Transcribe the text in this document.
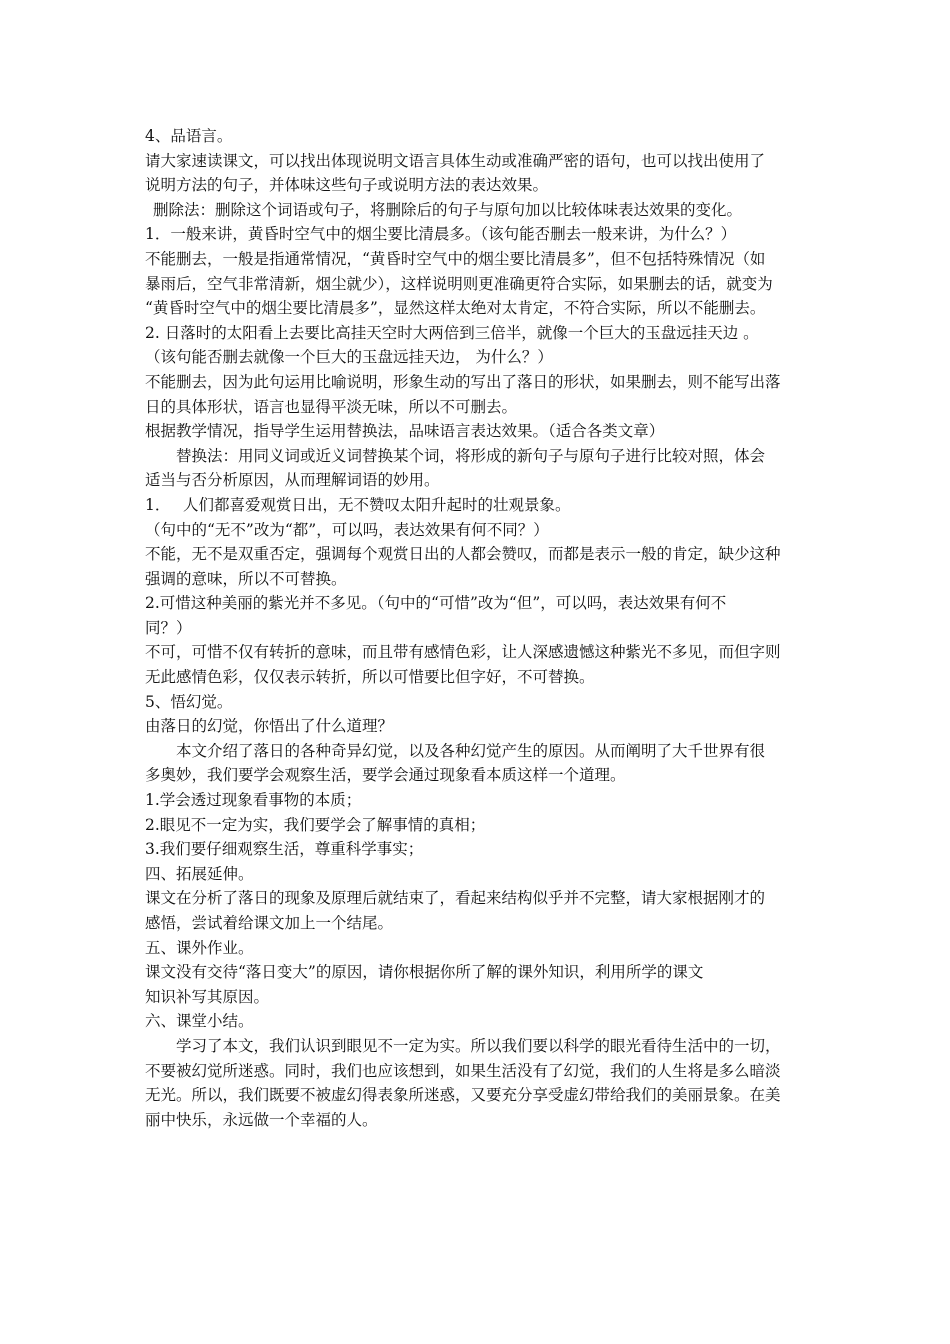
4、品语言。
请大家速读课文，可以找出体现说明文语言具体生动或准确严密的语句，也可以找出使用了
说明方法的句子，并体味这些句子或说明方法的表达效果。
删除法：删除这个词语或句子，将删除后的句子与原句加以比较体味表达效果的变化。
1．一般来讲，黄昏时空气中的烟尘要比清晨多。（该句能否删去一般来讲，为什么？）
不能删去，一般是指通常情况，“黄昏时空气中的烟尘要比清晨多”，但不包括特殊情况（如
暴雨后，空气非常清新，烟尘就少），这样说明则更准确更符合实际，如果删去的话，就变为
“黄昏时空气中的烟尘要比清晨多”，显然这样太绝对太肯定，不符合实际，所以不能删去。
2. 日落时的太阳看上去要比高挂天空时大两倍到三倍半，就像一个巨大的玉盘远挂天边 。
（该句能否删去就像一个巨大的玉盘远挂天边， 为什么？）
不能删去，因为此句运用比喻说明，形象生动的写出了落日的形状，如果删去，则不能写出落
日的具体形状，语言也显得平淡无味，所以不可删去。
根据教学情况，指导学生运用替换法，品味语言表达效果。（适合各类文章）
替换法：用同义词或近义词替换某个词，将形成的新句子与原句子进行比较对照，体会
适当与否分析原因，从而理解词语的妙用。
1．　 人们都喜爱观赏日出，无不赞叹太阳升起时的壮观景象。
（句中的“无不”改为“都”，可以吗，表达效果有何不同？）
不能，无不是双重否定，强调每个观赏日出的人都会赞叹，而都是表示一般的肯定，缺少这种
强调的意味，所以不可替换。
2.可惜这种美丽的紫光并不多见。（句中的“可惜”改为“但”，可以吗，表达效果有何不
同？）
不可，可惜不仅有转折的意味，而且带有感情色彩，让人深感遗憾这种紫光不多见，而但字则
无此感情色彩，仅仅表示转折，所以可惜要比但字好，不可替换。
5、悟幻觉。
由落日的幻觉，你悟出了什么道理？
本文介绍了落日的各种奇异幻觉，以及各种幻觉产生的原因。从而阐明了大千世界有很
多奥妙，我们要学会观察生活，要学会通过现象看本质这样一个道理。
1.学会透过现象看事物的本质；
2.眼见不一定为实，我们要学会了解事情的真相；
3.我们要仔细观察生活，尊重科学事实；
四、拓展延伸。
课文在分析了落日的现象及原理后就结束了，看起来结构似乎并不完整，请大家根据刚才的
感悟，尝试着给课文加上一个结尾。
五、课外作业。
课文没有交待“落日变大”的原因，请你根据你所了解的课外知识，利用所学的课文
知识补写其原因。
六、课堂小结。
学习了本文，我们认识到眼见不一定为实。所以我们要以科学的眼光看待生活中的一切，
不要被幻觉所迷惑。同时，我们也应该想到，如果生活没有了幻觉，我们的人生将是多么暗淡
无光。所以，我们既要不被虚幻得表象所迷惑，又要充分享受虚幻带给我们的美丽景象。在美
丽中快乐，永远做一个幸福的人。
